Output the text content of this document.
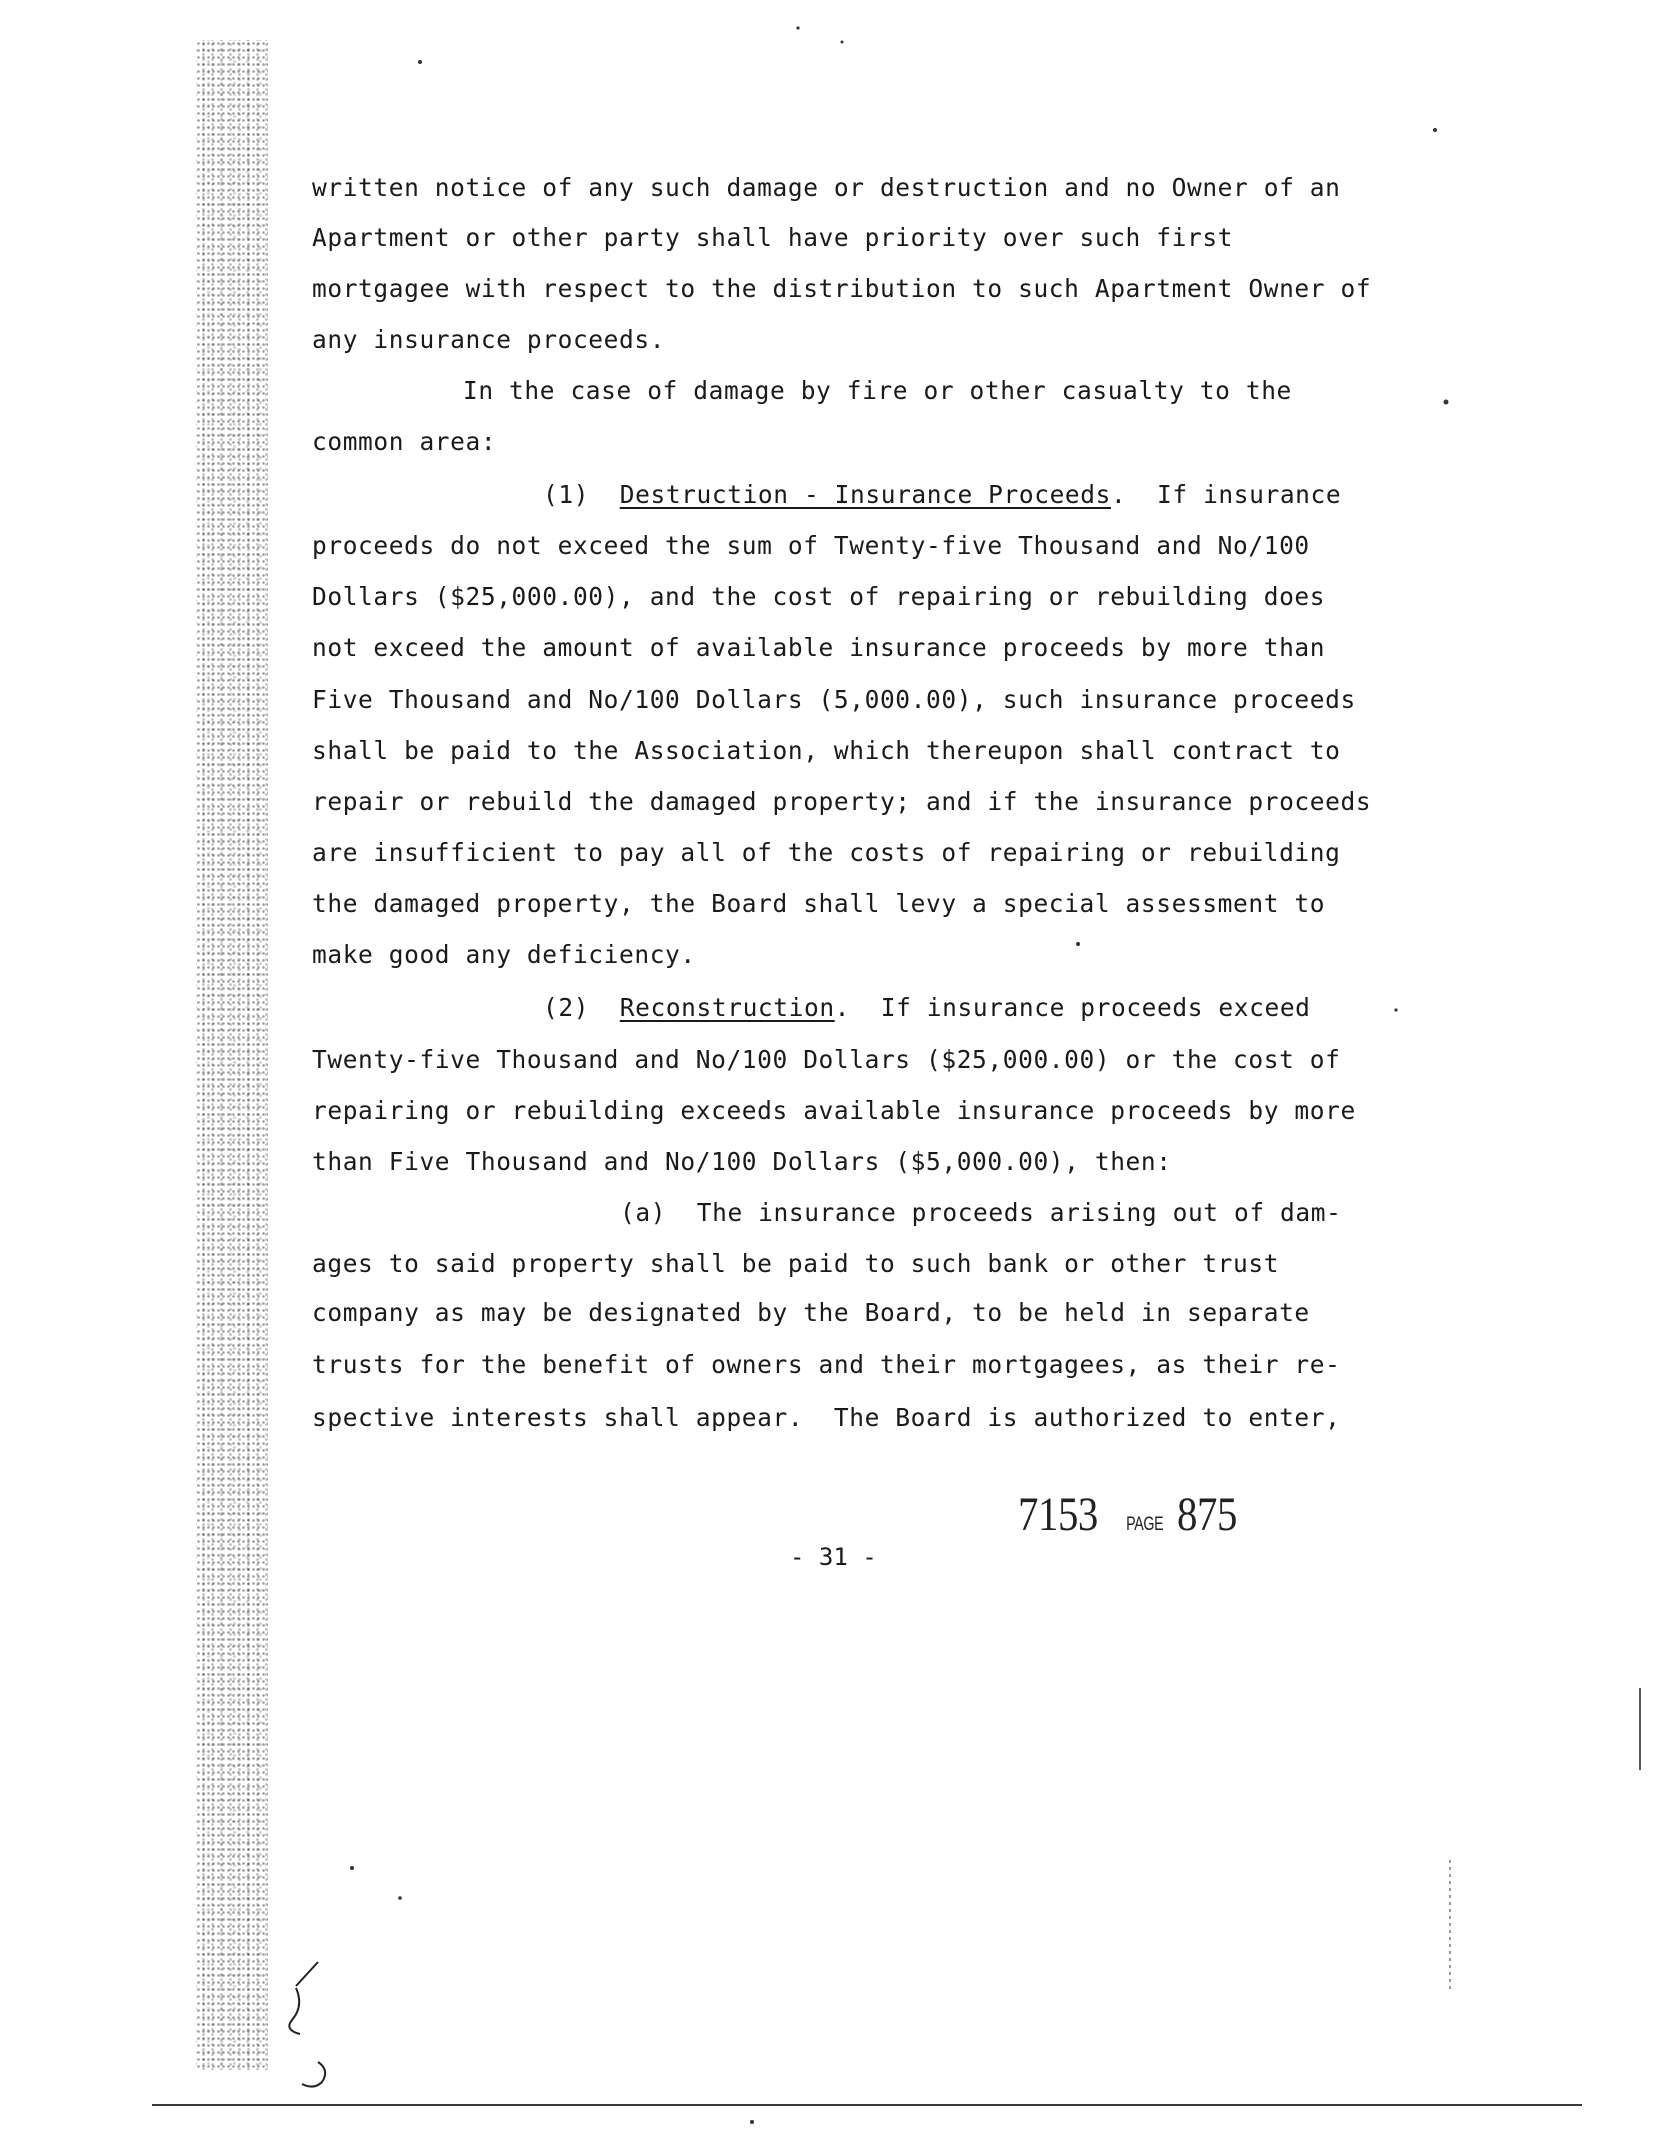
written notice of any such damage or destruction and no Owner of an
Apartment or other party shall have priority over such first
mortgagee with respect to the distribution to such Apartment Owner of
any insurance proceeds.
In the case of damage by fire or other casualty to the
common area:
(1)  Destruction - Insurance Proceeds.  If insurance
proceeds do not exceed the sum of Twenty-five Thousand and No/100
Dollars ($25,000.00), and the cost of repairing or rebuilding does
not exceed the amount of available insurance proceeds by more than
Five Thousand and No/100 Dollars (5,000.00), such insurance proceeds
shall be paid to the Association, which thereupon shall contract to
repair or rebuild the damaged property; and if the insurance proceeds
are insufficient to pay all of the costs of repairing or rebuilding
the damaged property, the Board shall levy a special assessment to
make good any deficiency.
(2)  Reconstruction.  If insurance proceeds exceed
Twenty-five Thousand and No/100 Dollars ($25,000.00) or the cost of
repairing or rebuilding exceeds available insurance proceeds by more
than Five Thousand and No/100 Dollars ($5,000.00), then:
(a)  The insurance proceeds arising out of dam-
ages to said property shall be paid to such bank or other trust
company as may be designated by the Board, to be held in separate
trusts for the benefit of owners and their mortgagees, as their re-
spective interests shall appear.  The Board is authorized to enter,
7153 PAGE 875
- 31 -
